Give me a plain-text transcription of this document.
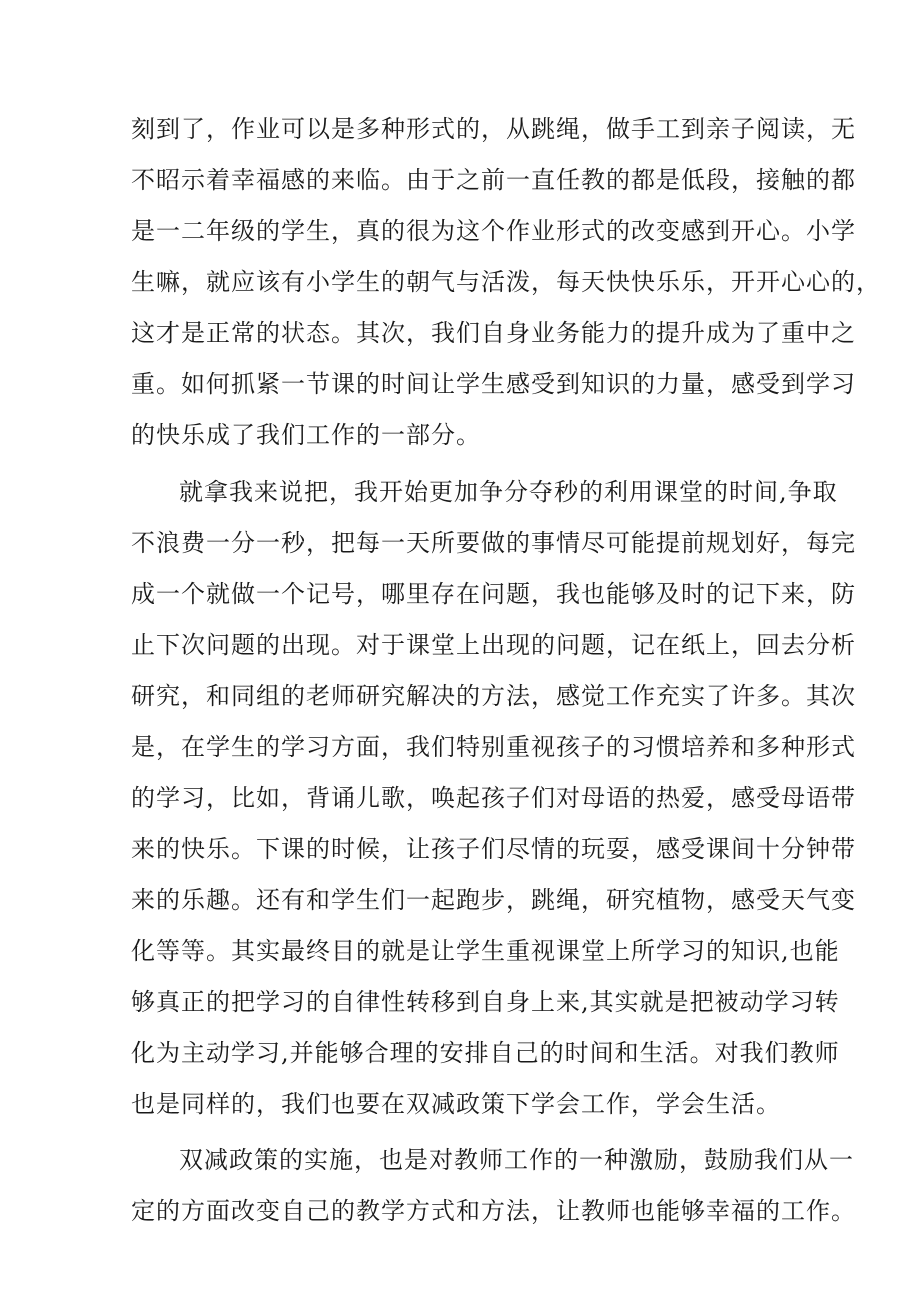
刻到了，作业可以是多种形式的，从跳绳，做手工到亲子阅读，无
不昭示着幸福感的来临。由于之前一直任教的都是低段，接触的都
是一二年级的学生，真的很为这个作业形式的改变感到开心。小学
生嘛，就应该有小学生的朝气与活泼，每天快快乐乐，开开心心的，
这才是正常的状态。其次，我们自身业务能力的提升成为了重中之
重。如何抓紧一节课的时间让学生感受到知识的力量，感受到学习
的快乐成了我们工作的一部分。
就拿我来说把，我开始更加争分夺秒的利用课堂的时间,争取
不浪费一分一秒，把每一天所要做的事情尽可能提前规划好，每完
成一个就做一个记号，哪里存在问题，我也能够及时的记下来，防
止下次问题的出现。对于课堂上出现的问题，记在纸上，回去分析
研究，和同组的老师研究解决的方法，感觉工作充实了许多。其次
是，在学生的学习方面，我们特别重视孩子的习惯培养和多种形式
的学习，比如，背诵儿歌，唤起孩子们对母语的热爱，感受母语带
来的快乐。下课的时候，让孩子们尽情的玩耍，感受课间十分钟带
来的乐趣。还有和学生们一起跑步，跳绳，研究植物，感受天气变
化等等。其实最终目的就是让学生重视课堂上所学习的知识,也能
够真正的把学习的自律性转移到自身上来,其实就是把被动学习转
化为主动学习,并能够合理的安排自己的时间和生活。对我们教师
也是同样的，我们也要在双减政策下学会工作，学会生活。
双减政策的实施，也是对教师工作的一种激励，鼓励我们从一
定的方面改变自己的教学方式和方法，让教师也能够幸福的工作。
